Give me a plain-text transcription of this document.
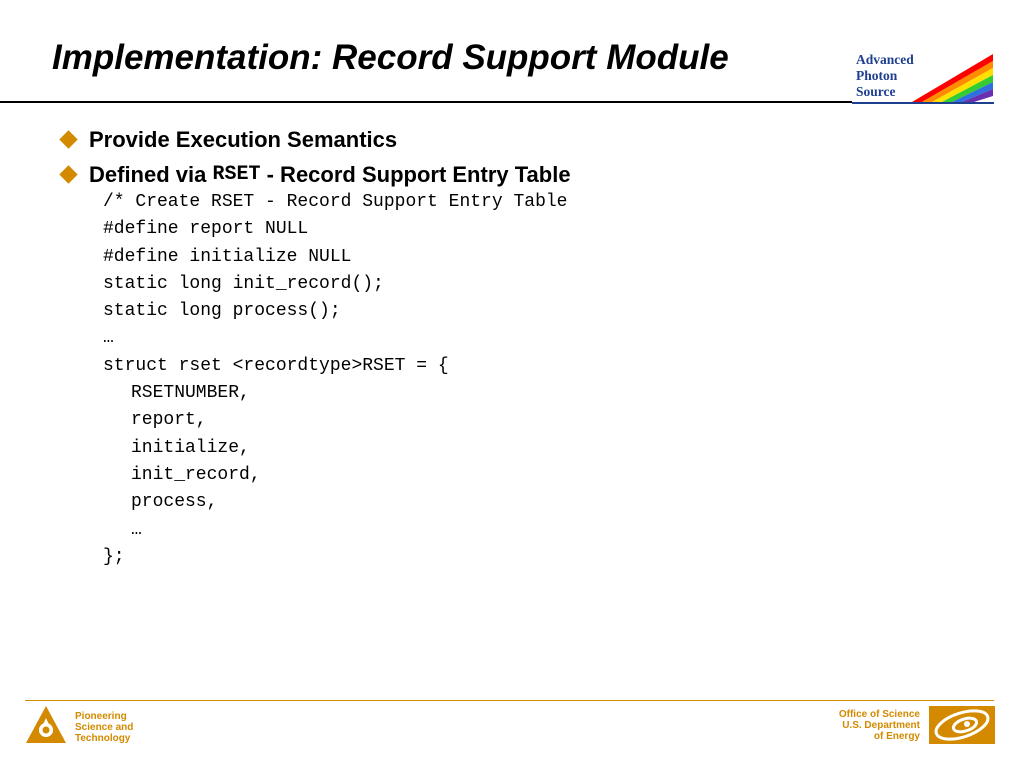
Implementation: Record Support Module	Advanced
Photon
Source
Provide Execution Semantics
Defined via RSET - Record Support Entry Table
/* Create RSET - Record Support Entry Table
#define report NULL
#define initialize NULL
static long init_record();
static long process();
…
struct rset <recordtype>RSET = {
RSETNUMBER,
report,
initialize,
init_record,
process,
…
};
Pioneering
Science and
Technology
Office of Science
U.S. Department
of Energy
